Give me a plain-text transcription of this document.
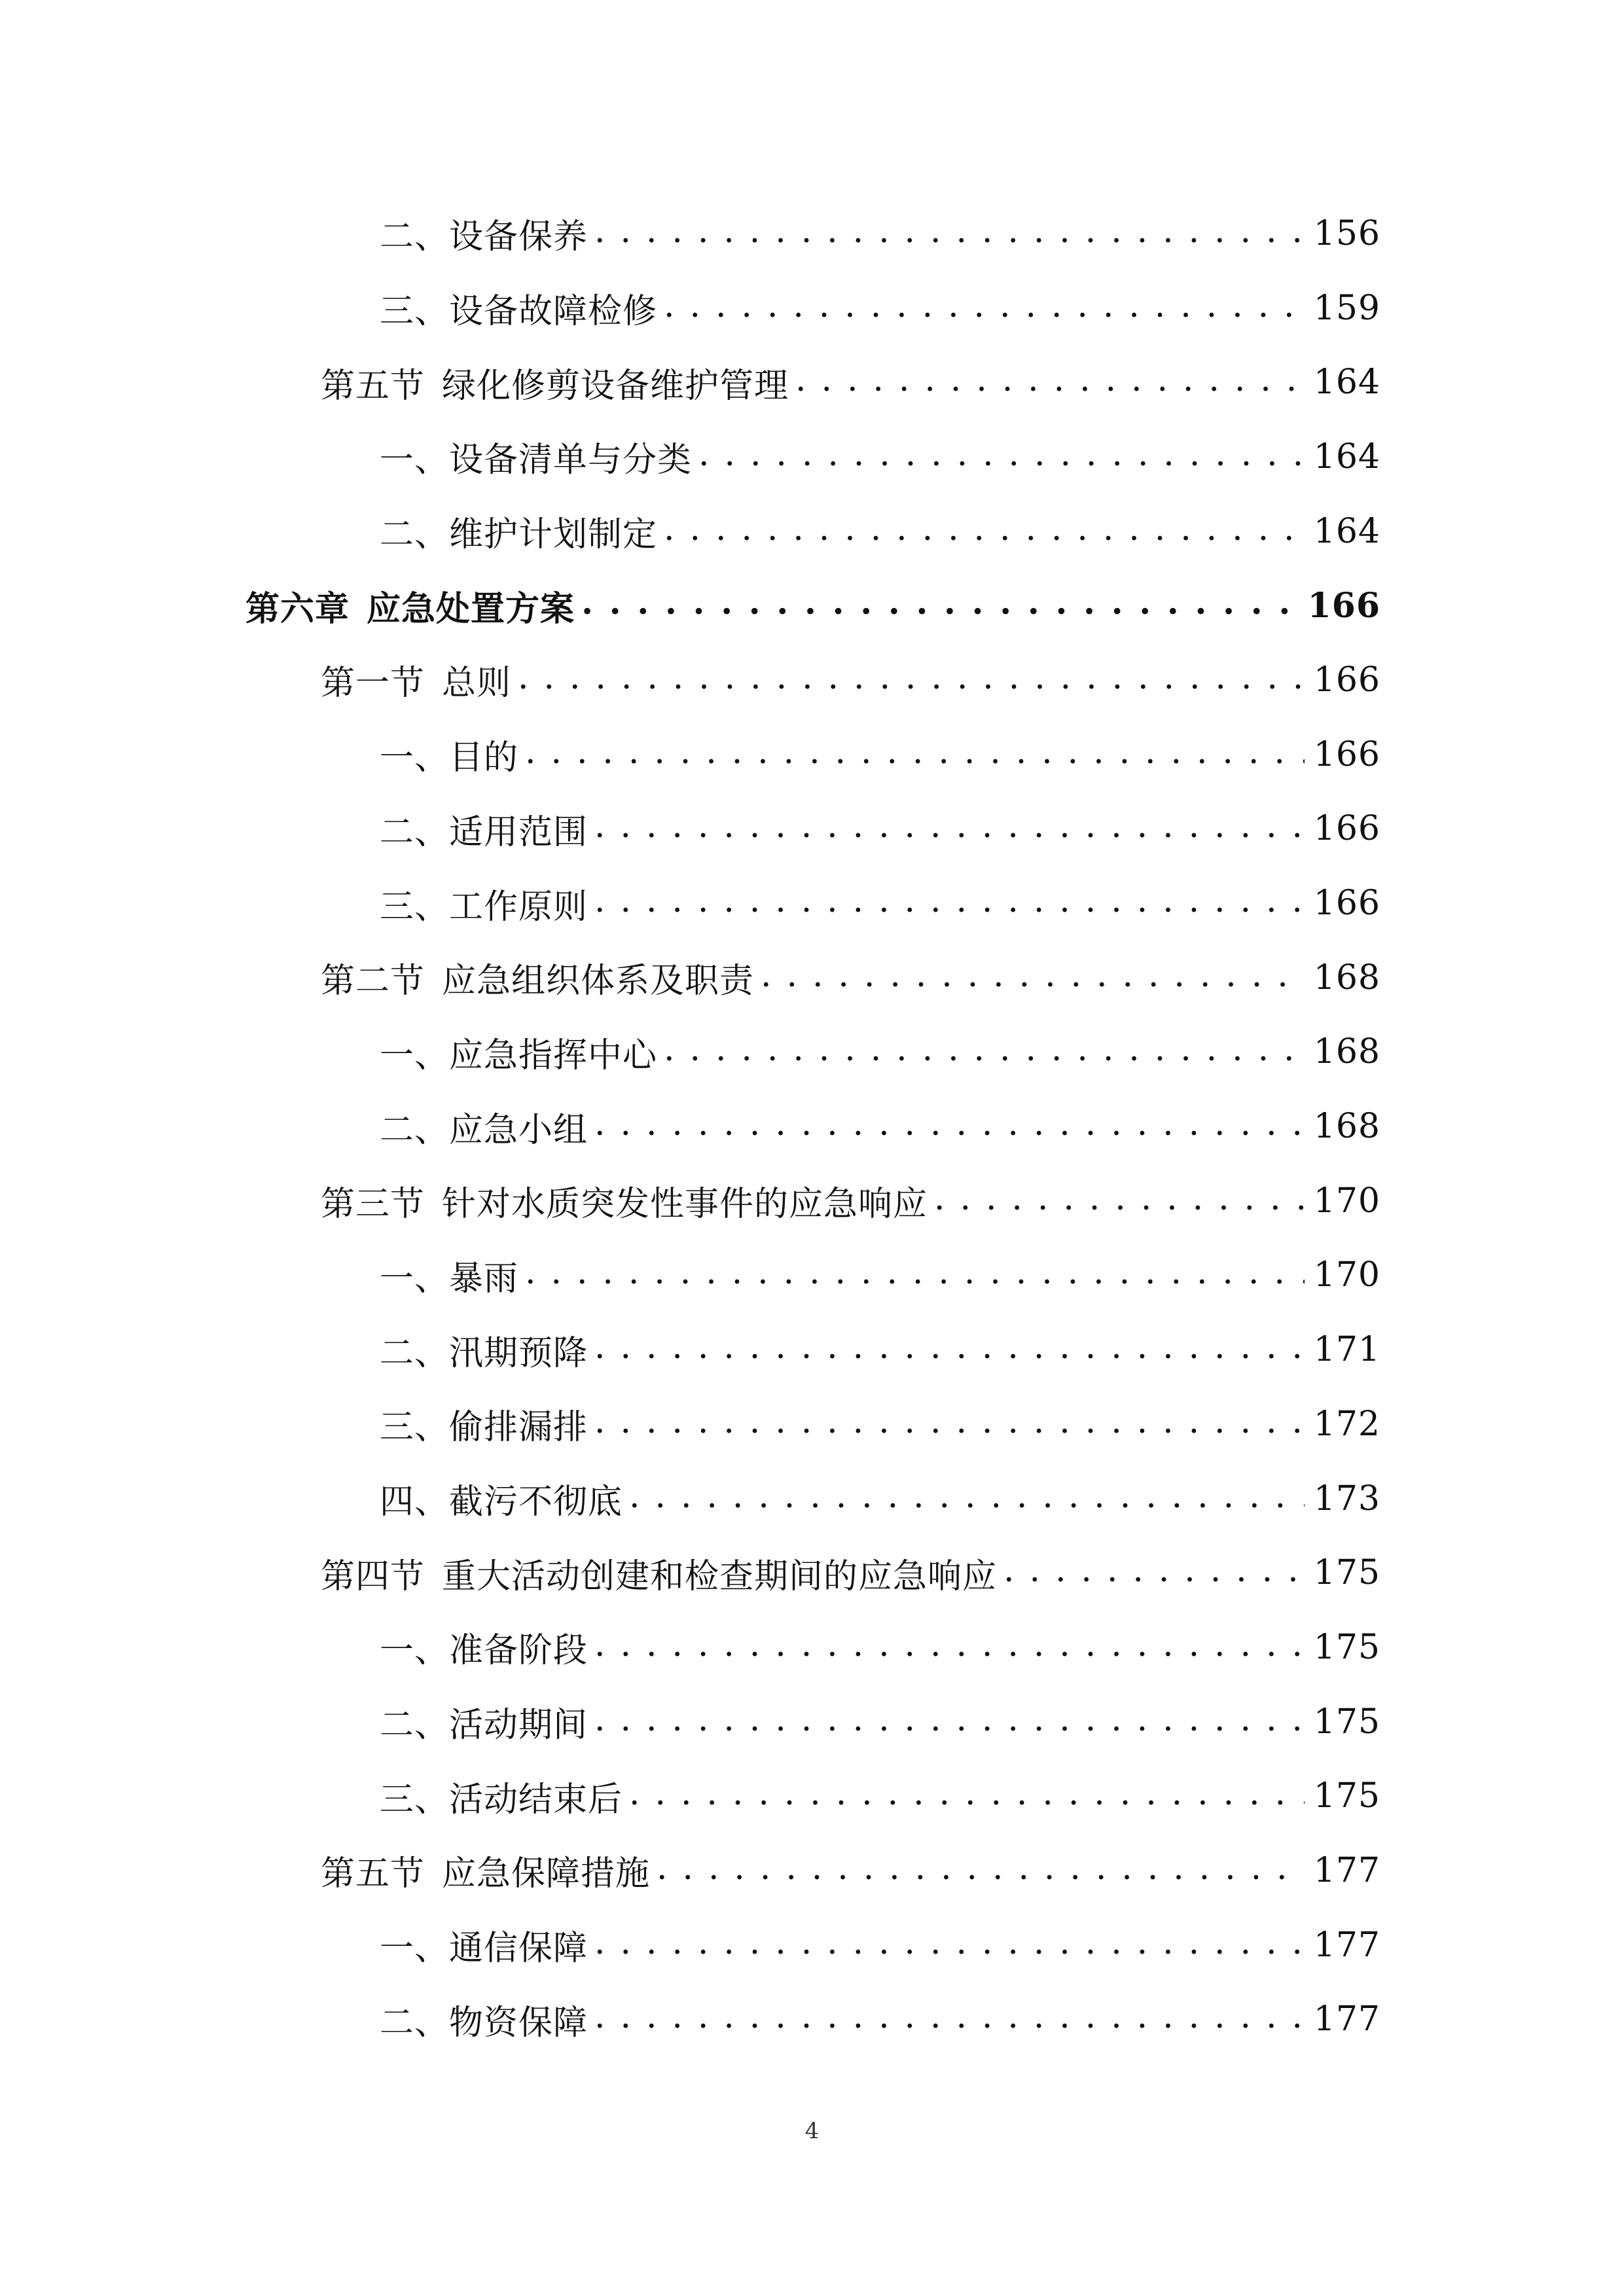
二、设备保养 . . .	156
三、设备故障检修 . . .	159
第五节 绿化修剪设备维护管理 . . .	164
一、设备清单与分类 . . .	164
二、维护计划制定 . . .	164
第六章 应急处置方案 . . .	166
第一节 总则 . . .	166
一、目的 . . .	166
二、适用范围 . . .	166
三、工作原则 . . .	166
第二节 应急组织体系及职责 . . .	168
一、应急指挥中心 . . .	168
二、应急小组 . . .	168
第三节 针对水质突发性事件的应急响应 . . .	170
一、暴雨 . . .	170
二、汛期预降 . . .	171
三、偷排漏排 . . .	172
四、截污不彻底 . . .	173
第四节 重大活动创建和检查期间的应急响应 . . .	175
一、准备阶段 . . .	175
二、活动期间 . . .	175
三、活动结束后 . . .	175
第五节 应急保障措施 . . .	177
一、通信保障 . . .	177
二、物资保障 . . .	177
4
